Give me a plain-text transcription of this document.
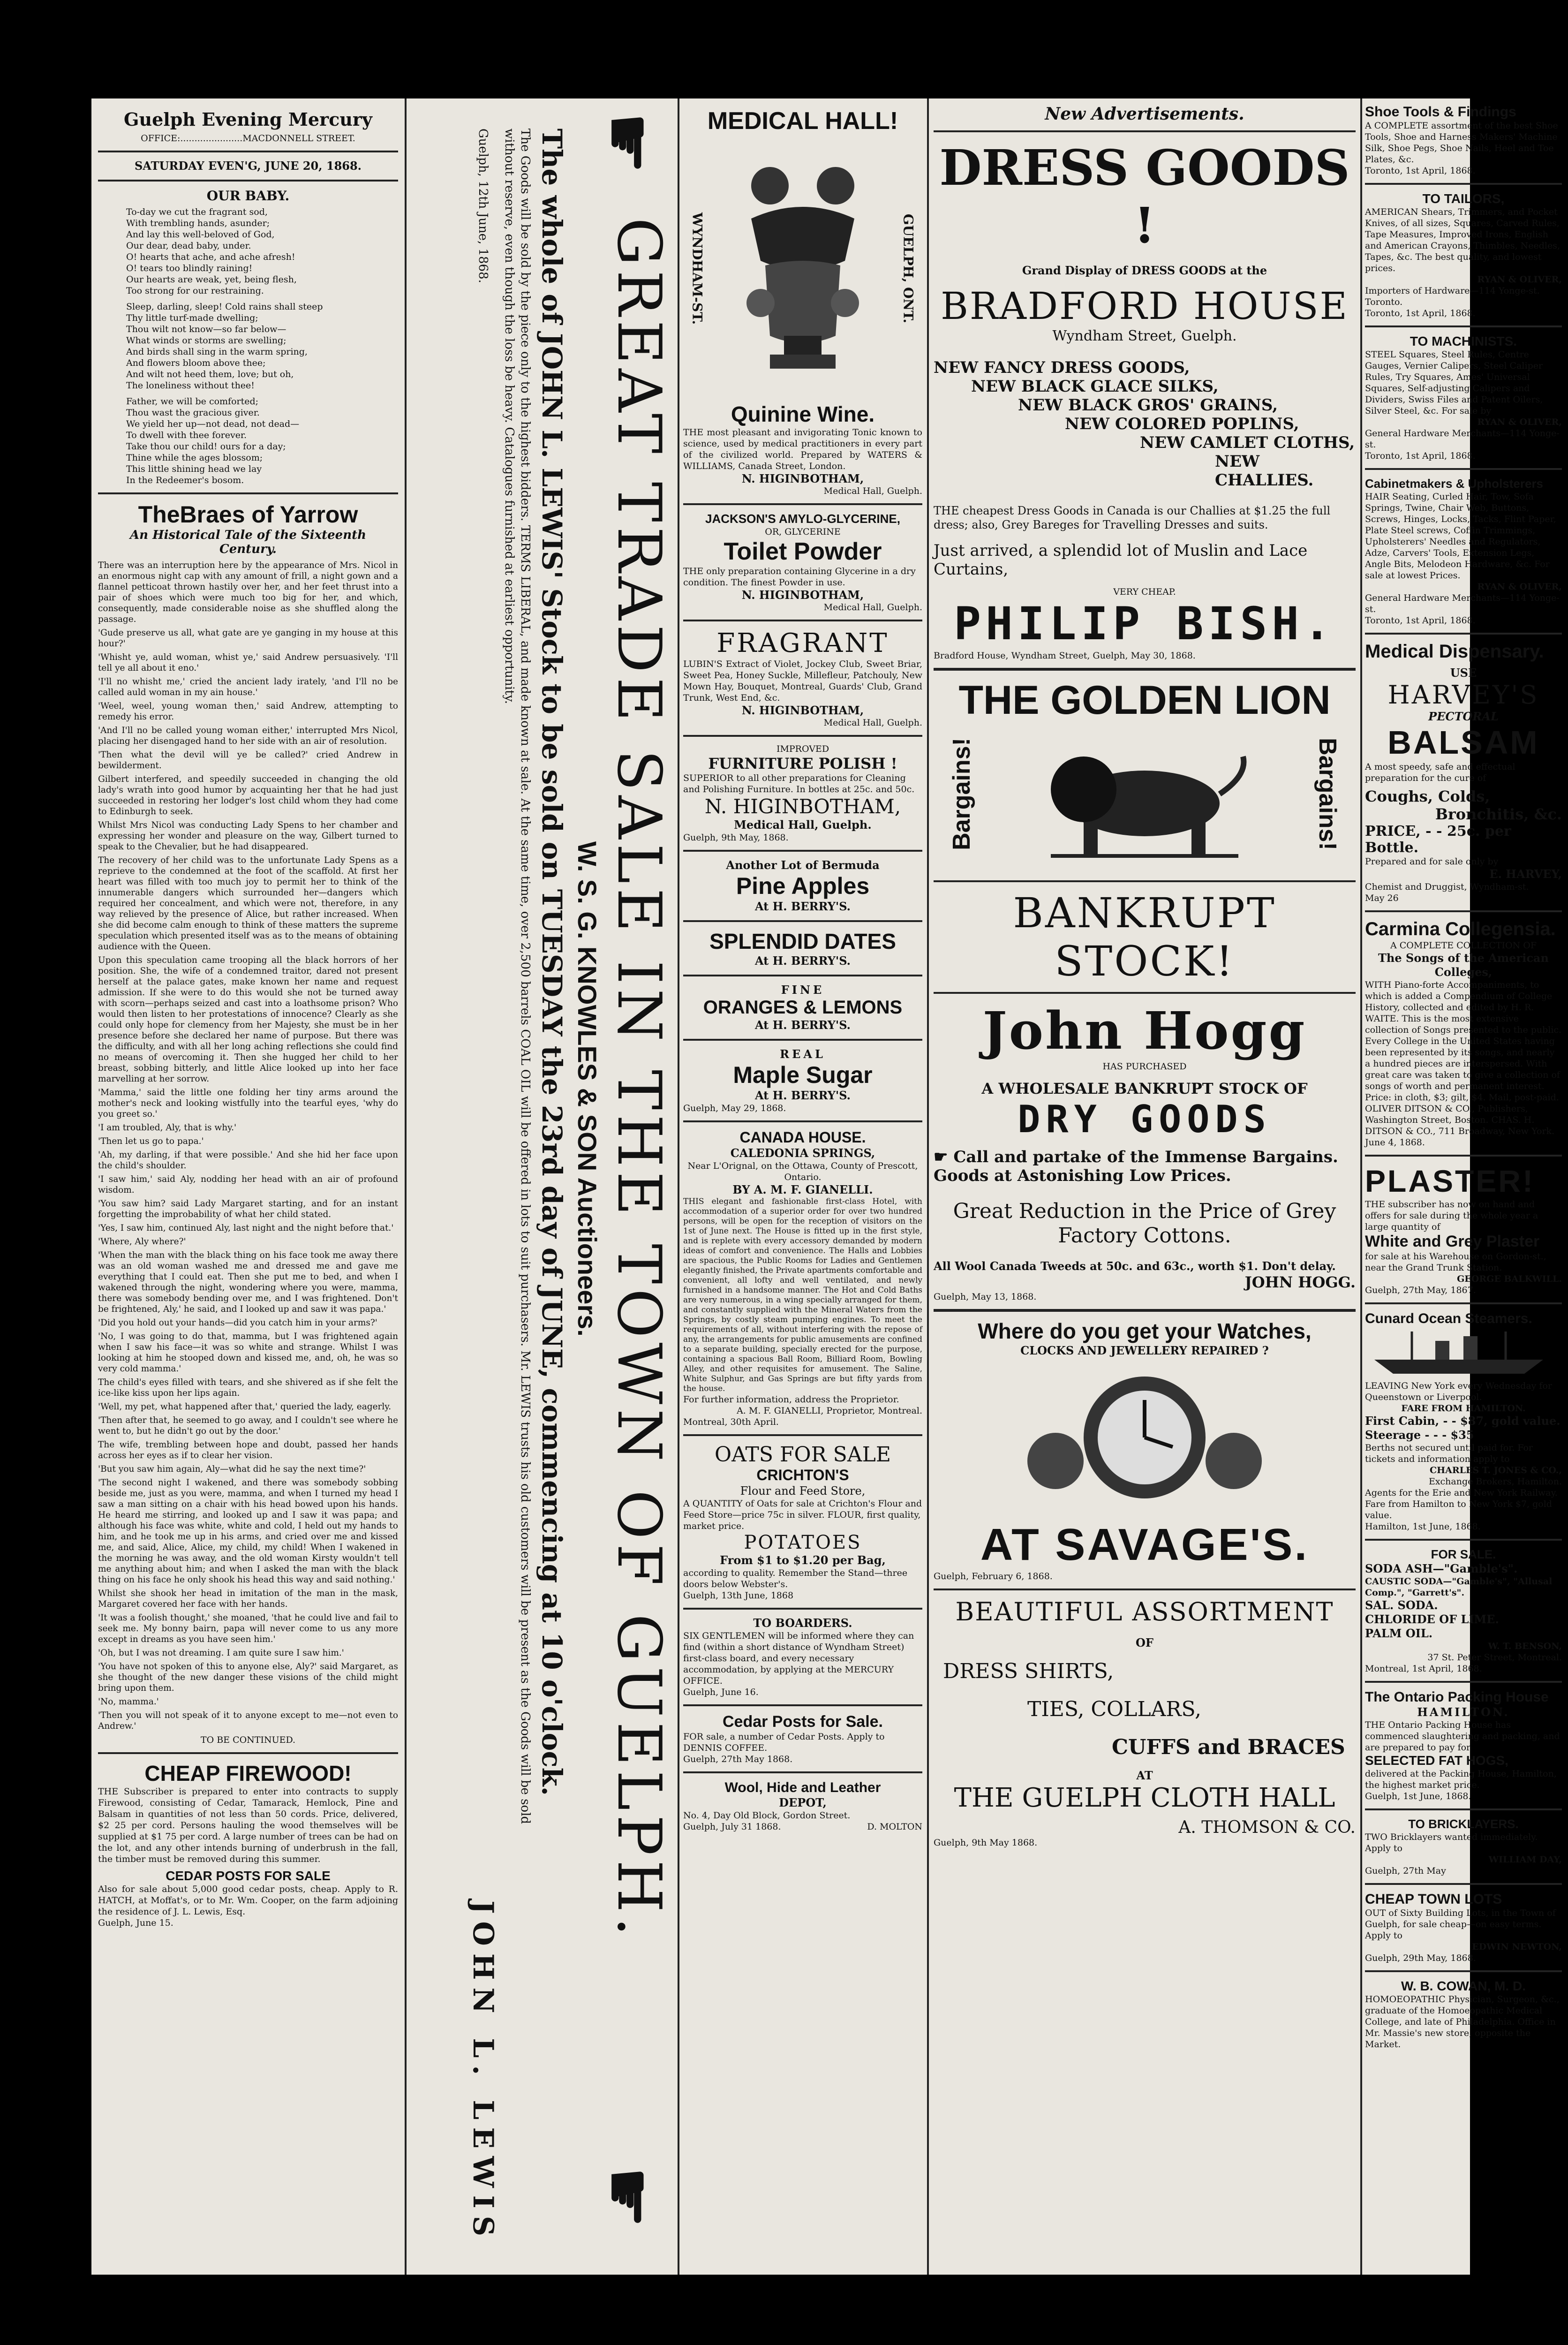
Guelph Evening Mercury
OFFICE:......................MACDONNELL STREET.
SATURDAY EVEN'G, JUNE 20, 1868.
OUR BABY.

To-day we cut the fragrant sod,

With trembling hands, asunder;

And lay this well-beloved of God,

Our dear, dead baby, under.

O! hearts that ache, and ache afresh!

O! tears too blindly raining!

Our hearts are weak, yet, being flesh,

Too strong for our restraining.

Sleep, darling, sleep! Cold rains shall steep

Thy little turf-made dwelling;

Thou wilt not know—so far below—

What winds or storms are swelling;

And birds shall sing in the warm spring,

And flowers bloom above thee;

And wilt not heed them, love; but oh,

The loneliness without thee!

Father, we will be comforted;

Thou wast the gracious giver.

We yield her up—not dead, not dead—

To dwell with thee forever.

Take thou our child! ours for a day;

Thine while the ages blossom;

This little shining head we lay

In the Redeemer's bosom.

TheBraes of Yarrow
An Historical Tale of the Sixteenth Century.

There was an interruption here by the appearance of Mrs. Nicol in an enormous night cap with any amount of frill, a night gown and a flannel petticoat thrown hastily over her, and her feet thrust into a pair of shoes which were much too big for her, and which, consequently, made considerable noise as she shuffled along the passage.

'Gude preserve us all, what gate are ye ganging in my house at this hour?'

'Whisht ye, auld woman, whist ye,' said Andrew persuasively. 'I'll tell ye all about it eno.'

'I'll no whisht me,' cried the ancient lady irately, 'and I'll no be called auld woman in my ain house.'

'Weel, weel, young woman then,' said Andrew, attempting to remedy his error.

'And I'll no be called young woman either,' interrupted Mrs Nicol, placing her disengaged hand to her side with an air of resolution.

'Then what the devil will ye be called?' cried Andrew in bewilderment.

Gilbert interfered, and speedily succeeded in changing the old lady's wrath into good humor by acquainting her that he had just succeeded in restoring her lodger's lost child whom they had come to Edinburgh to seek.

Whilst Mrs Nicol was conducting Lady Spens to her chamber and expressing her wonder and pleasure on the way, Gilbert turned to speak to the Chevalier, but he had disappeared.

The recovery of her child was to the unfortunate Lady Spens as a reprieve to the condemned at the foot of the scaffold. At first her heart was filled with too much joy to permit her to think of the innumerable dangers which surrounded her—dangers which required her concealment, and which were not, therefore, in any way relieved by the presence of Alice, but rather increased. When she did become calm enough to think of these matters the supreme speculation which presented itself was as to the means of obtaining audience with the Queen.

Upon this speculation came trooping all the black horrors of her position. She, the wife of a condemned traitor, dared not present herself at the palace gates, make known her name and request admission. If she were to do this would she not be turned away with scorn—perhaps seized and cast into a loathsome prison? Who would then listen to her protestations of innocence? Clearly as she could only hope for clemency from her Majesty, she must be in her presence before she declared her name of purpose. But there was the difficulty, and with all her long aching reflections she could find no means of overcoming it. Then she hugged her child to her breast, sobbing bitterly, and little Alice looked up into her face marvelling at her sorrow.

'Mamma,' said the little one folding her tiny arms around the mother's neck and looking wistfully into the tearful eyes, 'why do you greet so.'

'I am troubled, Aly, that is why.'

'Then let us go to papa.'

'Ah, my darling, if that were possible.' And she hid her face upon the child's shoulder.

'I saw him,' said Aly, nodding her head with an air of profound wisdom.

'You saw him? said Lady Margaret starting, and for an instant forgetting the improbability of what her child stated.

'Yes, I saw him, continued Aly, last night and the night before that.'

'Where, Aly where?'

'When the man with the black thing on his face took me away there was an old woman washed me and dressed me and gave me everything that I could eat. Then she put me to bed, and when I wakened through the night, wondering where you were, mamma, there was somebody bending over me, and I was frightened. Don't be frightened, Aly,' he said, and I looked up and saw it was papa.'

'Did you hold out your hands—did you catch him in your arms?'

'No, I was going to do that, mamma, but I was frightened again when I saw his face—it was so white and strange. Whilst I was looking at him he stooped down and kissed me, and, oh, he was so very cold mamma.'

The child's eyes filled with tears, and she shivered as if she felt the ice-like kiss upon her lips again.

'Well, my pet, what happened after that,' queried the lady, eagerly.

'Then after that, he seemed to go away, and I couldn't see where he went to, but he didn't go out by the door.'

The wife, trembling between hope and doubt, passed her hands across her eyes as if to clear her vision.

'But you saw him again, Aly—what did he say the next time?'

'The second night I wakened, and there was somebody sobbing beside me, just as you were, mamma, and when I turned my head I saw a man sitting on a chair with his head bowed upon his hands. He heard me stirring, and looked up and I saw it was papa; and although his face was white, white and cold, I held out my hands to him, and he took me up in his arms, and cried over me and kissed me, and said, Alice, Alice, my child, my child! When I wakened in the morning he was away, and the old woman Kirsty wouldn't tell me anything about him; and when I asked the man with the black thing on his face he only shook his head this way and said nothing.'

Whilst she shook her head in imitation of the man in the mask, Margaret covered her face with her hands.

'It was a foolish thought,' she moaned, 'that he could live and fail to seek me. My bonny bairn, papa will never come to us any more except in dreams as you have seen him.'

'Oh, but I was not dreaming. I am quite sure I saw him.'

'You have not spoken of this to anyone else, Aly?' said Margaret, as she thought of the new danger these visions of the child might bring upon them.

'No, mamma.'

'Then you will not speak of it to anyone except to me—not even to Andrew.'

TO BE CONTINUED.
CHEAP FIREWOOD!
THE Subscriber is prepared to enter into contracts to supply Firewood, consisting of Cedar, Tamarack, Hemlock, Pine and Balsam in quantities of not less than 50 cords. Price, delivered, $2 25 per cord. Persons hauling the wood themselves will be supplied at $1 75 per cord. A large number of trees can be had on the lot, and any other intends burning of underbrush in the fall, the timber must be removed during this summer.
CEDAR POSTS FOR SALE
Also for sale about 5,000 good cedar posts, cheap. Apply to R. HATCH, at Moffat's, or to Mr. Wm. Cooper, on the farm adjoining the residence of J. L. Lewis, Esq.
Guelph, June 15.	GREAT TRADE SALE IN THE TOWN OF GUELPH.
W. S. G. KNOWLES & SON Auctioneers.
The whole of JOHN L. LEWIS' Stock to be sold on TUESDAY the 23rd day of JUNE, commencing at 10 o'clock.
The Goods will be sold by the piece only to the highest bidders. TERMS LIBERAL, and made known at sale. At the same time, over 2,500 barrels COAL OIL will be offered in lots to suit purchasers. Mr. LEWIS trusts his old customers will be present as the Goods will be sold without reserve, even though the loss be heavy. Catalogues furnished at earliest opportunity.
Guelph, 12th June, 1868.
JOHN L. LEWIS
☛
☛
MEDICAL HALL!
WYNDHAM-ST.	GUELPH, ONT.
Quinine Wine.
THE most pleasant and invigorating Tonic known to science, used by medical practitioners in every part of the civilized world. Prepared by WATERS & WILLIAMS, Canada Street, London.
N. HIGINBOTHAM,
Medical Hall, Guelph.
JACKSON'S AMYLO-GLYCERINE,
OR, GLYCERINE
Toilet Powder
THE only preparation containing Glycerine in a dry condition. The finest Powder in use.
N. HIGINBOTHAM,
Medical Hall, Guelph.
FRAGRANT
LUBIN'S Extract of Violet, Jockey Club, Sweet Briar, Sweet Pea, Honey Suckle, Millefleur, Patchouly, New Mown Hay, Bouquet, Montreal, Guards' Club, Grand Trunk, West End, &c.
N. HIGINBOTHAM,
Medical Hall, Guelph.
IMPROVED
FURNITURE POLISH !
SUPERIOR to all other preparations for Cleaning and Polishing Furniture. In bottles at 25c. and 50c.
N. HIGINBOTHAM,
Medical Hall, Guelph.
Guelph, 9th May, 1868.
Another Lot of Bermuda
Pine Apples
At H. BERRY'S.
SPLENDID DATES
At H. BERRY'S.
FINE
ORANGES & LEMONS
At H. BERRY'S.
REAL
Maple Sugar
At H. BERRY'S.
Guelph, May 29, 1868.
CANADA HOUSE.
CALEDONIA SPRINGS,
Near L'Orignal, on the Ottawa, County of Prescott, Ontario.
BY A. M. F. GIANELLI.
THIS elegant and fashionable first-class Hotel, with accommodation of a superior order for over two hundred persons, will be open for the reception of visitors on the 1st of June next. The House is fitted up in the first style, and is replete with every accessory demanded by modern ideas of comfort and convenience. The Halls and Lobbies are spacious, the Public Rooms for Ladies and Gentlemen elegantly finished, the Private apartments comfortable and convenient, all lofty and well ventilated, and newly furnished in a handsome manner. The Hot and Cold Baths are very numerous, in a wing specially arranged for them, and constantly supplied with the Mineral Waters from the Springs, by costly steam pumping engines. To meet the requirements of all, without interfering with the repose of any, the arrangements for public amusements are confined to a separate building, specially erected for the purpose, containing a spacious Ball Room, Billiard Room, Bowling Alley, and other requisites for amusement. The Saline, White Sulphur, and Gas Springs are but fifty yards from the house.
For further information, address the Proprietor.
A. M. F. GIANELLI, Proprietor, Montreal.
Montreal, 30th April.
OATS FOR SALE
CRICHTON'S
Flour and Feed Store,
A QUANTITY of Oats for sale at Crichton's Flour and Feed Store—price 75c in silver. FLOUR, first quality, market price.
POTATOES
From $1 to $1.20 per Bag,
according to quality. Remember the Stand—three doors below Webster's.
Guelph, 13th June, 1868
TO BOARDERS.
SIX GENTLEMEN will be informed where they can find (within a short distance of Wyndham Street) first-class board, and every necessary accommodation, by applying at the MERCURY OFFICE.
Guelph, June 16.
Cedar Posts for Sale.
FOR sale, a number of Cedar Posts. Apply to DENNIS COFFEE.
Guelph, 27th May 1868.
Wool, Hide and Leather
DEPOT,
No. 4, Day Old Block, Gordon Street.
Guelph, July 31 1868.	D. MOLTON
New Advertisements.
DRESS GOODS !
Grand Display of DRESS GOODS at the
BRADFORD HOUSE
Wyndham Street, Guelph.
NEW FANCY DRESS GOODS,
NEW BLACK GLACE SILKS,
NEW BLACK GROS' GRAINS,
NEW COLORED POPLINS,
NEW CAMLET CLOTHS,
NEW CHALLIES.
THE cheapest Dress Goods in Canada is our Challies at $1.25 the full dress; also, Grey Bareges for Travelling Dresses and suits.
Just arrived, a splendid lot of Muslin and Lace Curtains,
VERY CHEAP.
PHILIP BISH.
Bradford House, Wyndham Street, Guelph, May 30, 1868.
THE GOLDEN LION
Bargains!	Bargains!
BANKRUPT STOCK!
John Hogg
HAS PURCHASED
A WHOLESALE BANKRUPT STOCK OF
DRY GOODS
☛ Call and partake of the Immense Bargains. Goods at Astonishing Low Prices.
Great Reduction in the Price of Grey Factory Cottons.
All Wool Canada Tweeds at 50c. and 63c., worth $1. Don't delay.
JOHN HOGG.
Guelph, May 13, 1868.
Where do you get your Watches,
CLOCKS AND JEWELLERY REPAIRED ?
AT SAVAGE'S.
Guelph, February 6, 1868.
BEAUTIFUL ASSORTMENT
OF
DRESS SHIRTS,
TIES, COLLARS,
CUFFS and BRACES
AT
THE GUELPH CLOTH HALL
A. THOMSON & CO.
Guelph, 9th May 1868.
Shoe Tools & Findings
A COMPLETE assortment of the best Shoe Tools, Shoe and Harness Makers' Machine Silk, Shoe Pegs, Shoe Nails, Heel and Toe Plates, &c.
Toronto, 1st April, 1868.
TO TAILORS,
AMERICAN Shears, Trimmers, and Pocket Knives, of all sizes, Squares, Carved Rules, Tape Measures, Improved Irons, English and American Crayons, Thimbles, Needles, Tapes, &c. The best quality, and lowest prices.
RYAN & OLIVER,
Importers of Hardware—114 Yonge-st. Toronto.
Toronto, 1st April, 1868.
TO MACHINISTS.
STEEL Squares, Steel Rules, Centre Gauges, Vernier Calipers, Steel Caliper Rules, Try Squares, Ames' Universal Squares, Self-adjusting Calipers and Dividers, Swiss Files and Patent Oilers, Silver Steel, &c. For sale by
RYAN & OLIVER,
General Hardware Merchants—114 Yonge-st.
Toronto, 1st April, 1868.
Cabinetmakers & Upholsterers
HAIR Seating, Curled Hair, Tow, Sofa Springs, Twine, Chair Web, Buttons, Screws, Hinges, Locks, Tacks, Flint Paper, Plate Steel screws, Coffin Trimmings, Upholsterers' Needles and Regulators, Adze, Carvers' Tools, Extension Legs, Angle Bits, Melodeon Hardware, &c. For sale at lowest Prices.
RYAN & OLIVER,
General Hardware Merchants—114 Yonge-st.
Toronto, 1st April, 1868.
Medical Dispensary.
USE
HARVEY'S
PECTORAL
BALSAM
A most speedy, safe and effectual preparation for the cure of
Coughs, Colds,
Bronchitis, &c.
PRICE, - - 25c. per Bottle.
Prepared and for sale only by
E. HARVEY,
Chemist and Druggist, Wyndham-st.
May 26
Carmina Collegensia.
A COMPLETE COLLECTION OF
The Songs of the American Colleges,
WITH Piano-forte Accompaniments, to which is added a Compendium of College History, collected and edited by H. R. WAITE. This is the most extensive collection of Songs presented to the public. Every College in the United States having been represented by its songs, and nearly a hundred pieces are interspersed. With great care was taken to give a collection of songs of worth and permanent interest. Price: in cloth, $3; gilt, $4. Mail, post-paid.
OLIVER DITSON & CO., Publishers, Washington Street, Boston. CHAS. H. DITSON & CO., 711 Broadway, New York.
June 4, 1868.
PLASTER!
THE subscriber has now on hand and offers for sale during the whole year a large quantity of
White and Grey Plaster
for sale at his Warehouse on Gordon-st., near the Grand Trunk Station.
GEORGE BALKWILL.
Guelph, 27th May, 1867.
Cunard Ocean Steamers.
LEAVING New York every Wednesday for Queenstown or Liverpool.
FARE FROM HAMILTON.
First Cabin, - - $87, gold value.
Steerage - - - $35
Berths not secured until paid for. For tickets and information apply to
CHARLES T. JONES & CO.,
Exchange Brokers, Hamilton.
Agents for the Erie and New York Railway. Fare from Hamilton to New York $7, gold value.
Hamilton, 1st June, 1868.
FOR SALE.
SODA ASH—"Gamble's".
CAUSTIC SODA—"Gamble's", "Allusal Comp.", "Garrett's".
SAL. SODA.
CHLORIDE OF LIME.
PALM OIL.
W. T. BENSON,
37 St. Peter Street, Montreal.
Montreal, 1st April, 1868.
The Ontario Packing House
HAMILTON.
THE Ontario Packing House has commenced slaughtering and packing, and are prepared to pay for
SELECTED FAT HOGS,
delivered at the Packing House, Hamilton, the highest market price.
Guelph, 1st June, 1868.
TO BRICKLAYERS.
TWO Bricklayers wanted immediately. Apply to
WILLIAM DAY,
Guelph, 27th May
CHEAP TOWN LOTS
OUT of Sixty Building Lots, in the Town of Guelph, for sale cheap—on easy terms. Apply to
EDWIN NEWTON,
Guelph, 29th May, 1868.
W. B. COWAN, M. D.
HOMOEOPATHIC Physician, Surgeon, &c., graduate of the Homoeopathic Medical College, and late of Philadelphia. Office in Mr. Massie's new store, opposite the Market.
